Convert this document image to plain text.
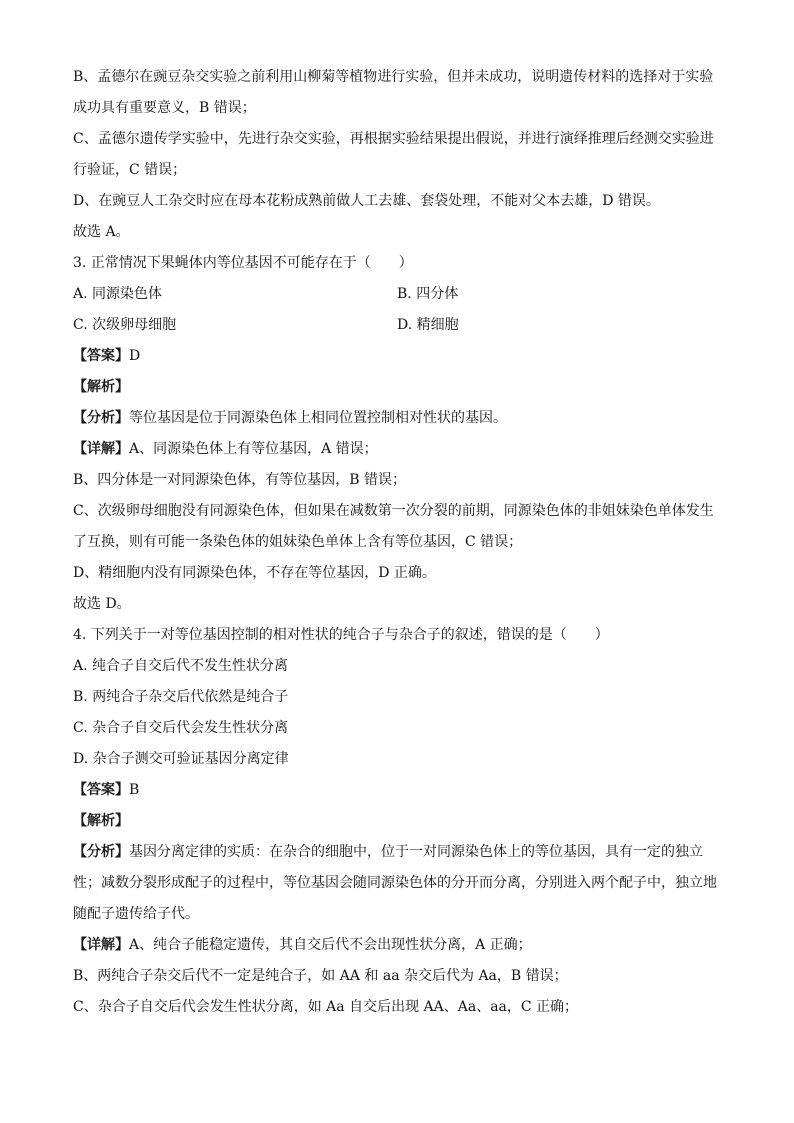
B、孟德尔在豌豆杂交实验之前利用山柳菊等植物进行实验，但并未成功，说明遗传材料的选择对于实验
成功具有重要意义，B 错误；
C、孟德尔遗传学实验中，先进行杂交实验，再根据实验结果提出假说，并进行演绎推理后经测交实验进
行验证，C 错误；
D、在豌豆人工杂交时应在母本花粉成熟前做人工去雄、套袋处理，不能对父本去雄，D 错误。
故选 A。
3. 正常情况下果蝇体内等位基因不可能存在于（　　）
A. 同源染色体	B. 四分体
C. 次级卵母细胞	D. 精细胞
【答案】D
【解析】
【分析】等位基因是位于同源染色体上相同位置控制相对性状的基因。
【详解】A、同源染色体上有等位基因，A 错误；
B、四分体是一对同源染色体，有等位基因，B 错误；
C、次级卵母细胞没有同源染色体，但如果在减数第一次分裂的前期，同源染色体的非姐妹染色单体发生
了互换，则有可能一条染色体的姐妹染色单体上含有等位基因，C 错误；
D、精细胞内没有同源染色体，不存在等位基因，D 正确。
故选 D。
4. 下列关于一对等位基因控制的相对性状的纯合子与杂合子的叙述，错误的是（　　）
A. 纯合子自交后代不发生性状分离
B. 两纯合子杂交后代依然是纯合子
C. 杂合子自交后代会发生性状分离
D. 杂合子测交可验证基因分离定律
【答案】B
【解析】
【分析】基因分离定律的实质：在杂合的细胞中，位于一对同源染色体上的等位基因，具有一定的独立
性；减数分裂形成配子的过程中，等位基因会随同源染色体的分开而分离，分别进入两个配子中，独立地
随配子遗传给子代。
【详解】A、纯合子能稳定遗传，其自交后代不会出现性状分离，A 正确；
B、两纯合子杂交后代不一定是纯合子，如 AA 和 aa 杂交后代为 Aa，B 错误；
C、杂合子自交后代会发生性状分离，如 Aa 自交后出现 AA、Aa、aa，C 正确；
